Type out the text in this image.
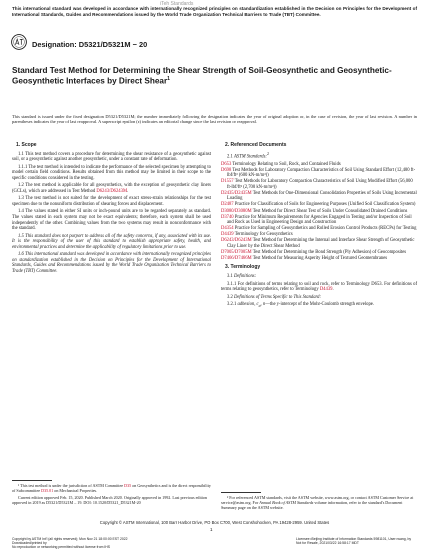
iTeh Standards
This international standard was developed in accordance with internationally recognized principles on standardization established in the Decision on Principles for the Development of International Standards, Guides and Recommendations issued by the World Trade Organization Technical Barriers to Trade (TBT) Committee.
Designation: D5321/D5321M − 20
Standard Test Method for Determining the Shear Strength of Soil-Geosynthetic and Geosynthetic-Geosynthetic Interfaces by Direct Shear$^1$
This standard is issued under the fixed designation D5321/D5321M; the number immediately following the designation indicates the year of original adoption or, in the case of revision, the year of last revision. A number in parentheses indicates the year of last reapproval. A superscript epsilon (ε) indicates an editorial change since the last revision or reapproval.

1. Scope

1.1 This test method covers a procedure for determining the shear resistance of a geosynthetic against soil, or a geosynthetic against another geosynthetic, under a constant rate of deformation.

1.1.1 The test method is intended to indicate the performance of the selected specimen by attempting to model certain field conditions. Results obtained from this method may be limited in their scope to the specific conditions considered in the testing.

1.2 The test method is applicable for all geosynthetics, with the exception of geosynthetic clay liners (GCLs), which are addressed in Test Method D6243/D6243M.

1.3 The test method is not suited for the development of exact stress-strain relationships for the test specimen due to the nonuniform distribution of shearing forces and displacement.

1.4 The values stated in either SI units or inch-pound units are to be regarded separately as standard. The values stated in each system may not be exact equivalents; therefore, each system shall be used independently of the other. Combining values from the two systems may result in nonconformance with the standard.

1.5 This standard does not purport to address all of the safety concerns, if any, associated with its use. It is the responsibility of the user of this standard to establish appropriate safety, health, and environmental practices and determine the applicability of regulatory limitations prior to use.

1.6 This international standard was developed in accordance with internationally recognized principles on standardization established in the Decision on Principles for the Development of International Standards, Guides and Recommendations issued by the World Trade Organization Technical Barriers to Trade (TBT) Committee.

¹ This test method is under the jurisdiction of ASTM Committee D35 on Geosynthetics and is the direct responsibility of Subcommittee D35.01 on Mechanical Properties.

Current edition approved Feb. 15, 2020. Published March 2020. Originally approved in 1992. Last previous edition approved in 2019 as D5321/D5321M – 19. DOI: 10.1520/D5321_D5321M-20

2. Referenced Documents

2.1 ASTM Standards:$^2$

D653 Terminology Relating to Soil, Rock, and Contained Fluids

D698 Test Methods for Laboratory Compaction Characteristics of Soil Using Standard Effort (12,400 ft-lbf/ft³ (600 kN-m/m³))

D1557 Test Methods for Laboratory Compaction Characteristics of Soil Using Modified Effort (56,000 ft-lbf/ft³ (2,700 kN-m/m³))

D2435/D2435M Test Methods for One-Dimensional Consolidation Properties of Soils Using Incremental Loading

D2487 Practice for Classification of Soils for Engineering Purposes (Unified Soil Classification System)

D3080/D3080M Test Method for Direct Shear Test of Soils Under Consolidated Drained Conditions

D3740 Practice for Minimum Requirements for Agencies Engaged in Testing and/or Inspection of Soil and Rock as Used in Engineering Design and Construction

D4354 Practice for Sampling of Geosynthetics and Rolled Erosion Control Products (RECPs) for Testing

D4439 Terminology for Geosynthetics

D6243/D6243M Test Method for Determining the Internal and Interface Shear Strength of Geosynthetic Clay Liner by the Direct Shear Method

D7005/D7005M Test Method for Determining the Bond Strength (Ply Adhesion) of Geocomposites

D7466/D7466M Test Method for Measuring Asperity Height of Textured Geomembranes

3. Terminology

3.1 Definitions:

3.1.1 For definitions of terms relating to soil and rock, refer to Terminology D653. For definitions of terms relating to geosynthetics, refer to Terminology D4439.

3.2 Definitions of Terms Specific to This Standard:

3.2.1 adhesion, $c_a$, n—the y-intercept of the Mohr-Coulomb strength envelope.

² For referenced ASTM standards, visit the ASTM website, www.astm.org, or contact ASTM Customer Service at service@astm.org. For Annual Book of ASTM Standards volume information, refer to the standard's Document Summary page on the ASTM website.

Copyright © ASTM International, 100 Barr Harbor Drive, PO Box C700, West Conshohocken, PA 19428-2959. United States
1
Copyright by ASTM Int'l (all rights reserved); Mon Nov 21 18:00:00 EST 2022
Downloaded/printed by
No reproduction or networking permitted without license from IHS
Licensee=Beijing Institute of Information Standards 5981101, User=wang, by
Not for Resale, 2021/03/22 16:58:17 MDT
